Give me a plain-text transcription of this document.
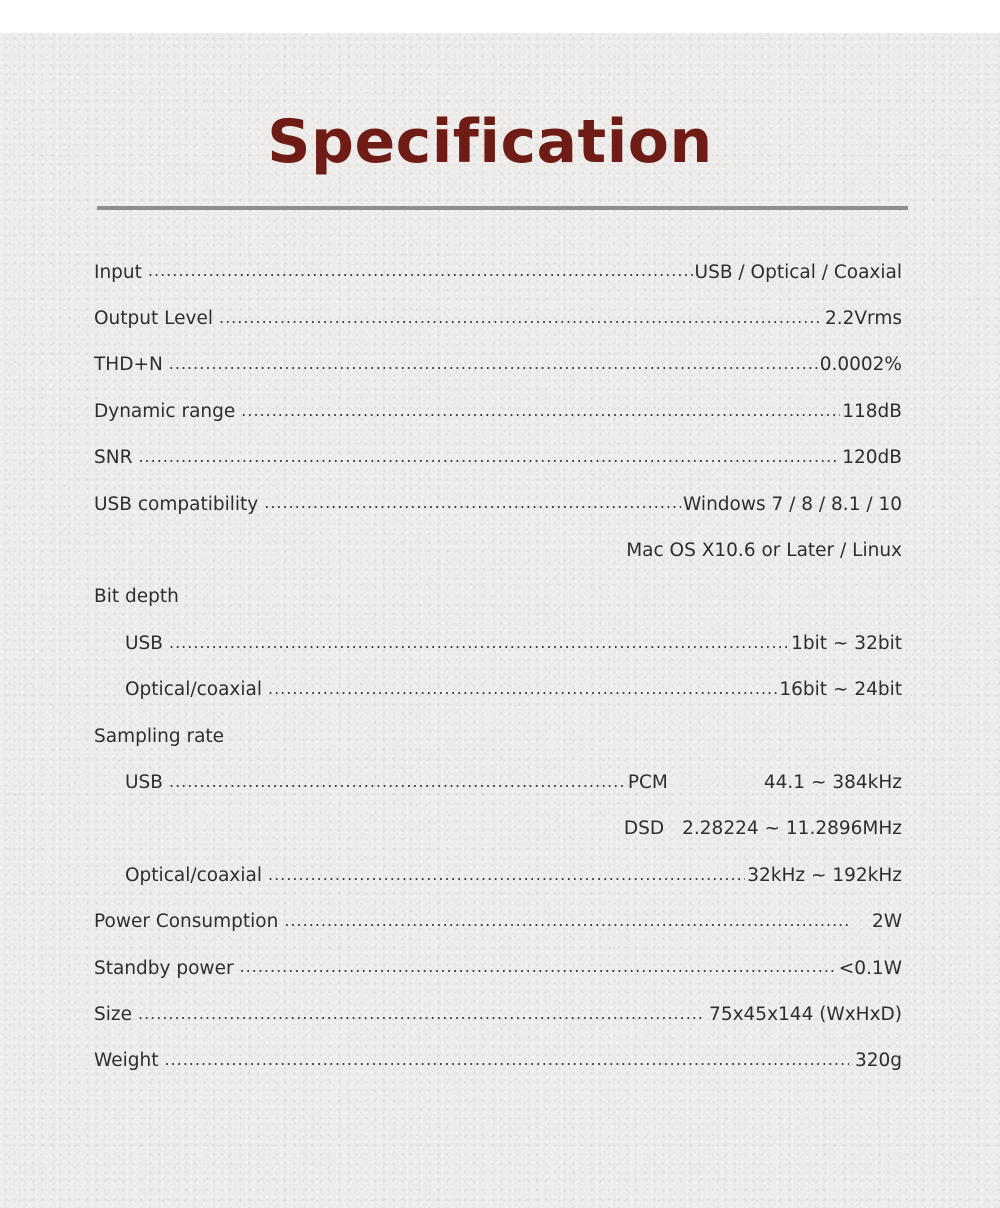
Specification
Input .....	USB / Optical / Coaxial
Output Level .....	2.2Vrms
THD+N .....	0.0002%
Dynamic range .....	118dB
SNR .....	120dB
USB compatibility .....	Windows 7 / 8 / 8.1 / 10
Mac OS X10.6 or Later / Linux
Bit depth
USB .....	1bit ~ 32bit
Optical/coaxial .....	16bit ~ 24bit
Sampling rate
USB .....	PCM	44.1 ~ 384kHz
DSD 2.28224 ~ 11.2896MHz
Optical/coaxial .....	32kHz ~ 192kHz
Power Consumption .....	2W
Standby power .....	<0.1W
Size .....	75x45x144 (WxHxD)
Weight .....	320g
